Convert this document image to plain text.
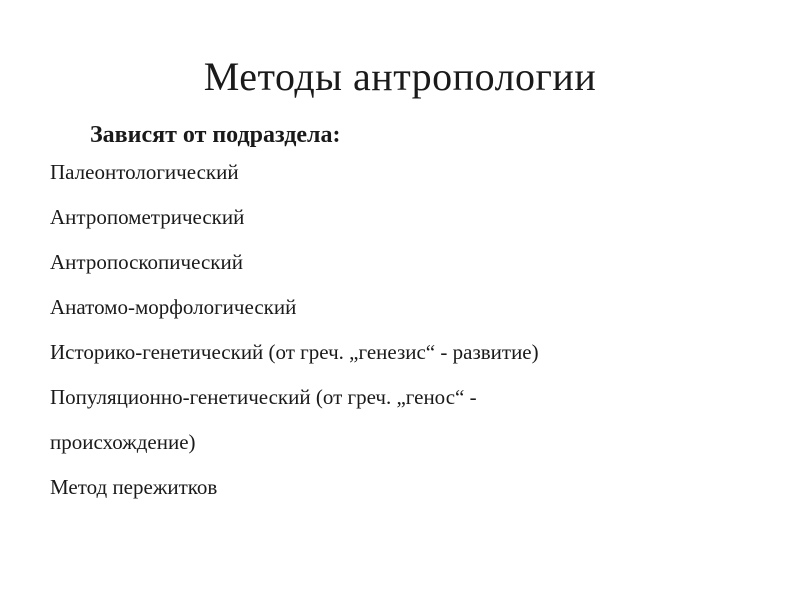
Методы антропологии
Зависят от подраздела:
Палеонтологический
Антропометрический
Антропоскопический
Анатомо-морфологический
Историко-генетический (от греч. „генезис“ - развитие)
Популяционно-генетический (от греч. „генос“ - происхождение)
Метод пережитков
